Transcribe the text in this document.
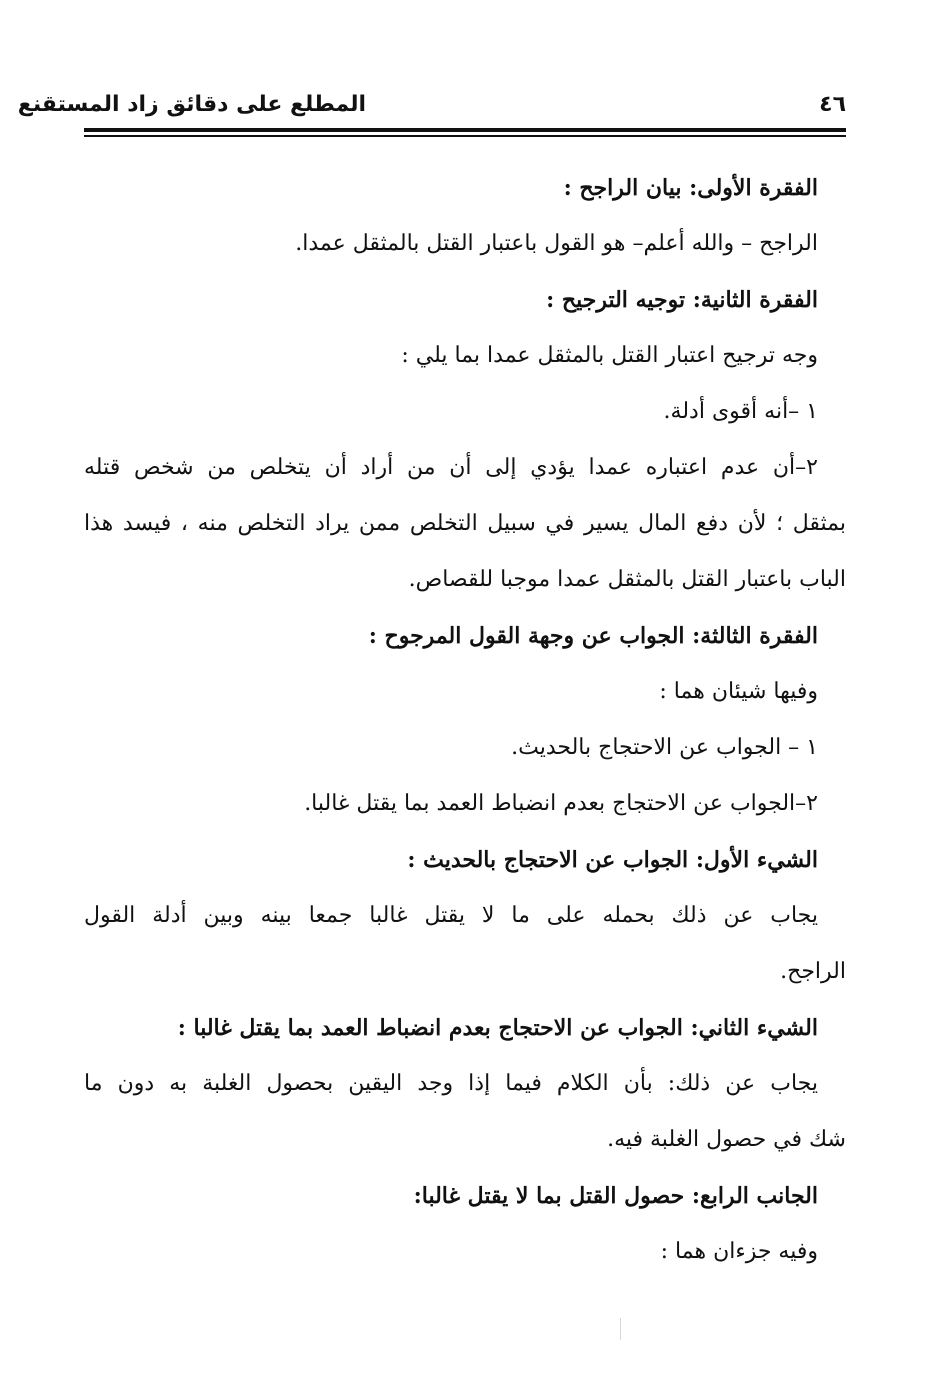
٤٦
المطلع على دقائق زاد المستقنع
الفقرة الأولى: بيان الراجح :
الراجح – والله أعلم– هو القول باعتبار القتل بالمثقل عمدا.
الفقرة الثانية: توجيه الترجيح :
وجه ترجيح اعتبار القتل بالمثقل عمدا بما يلي :
١ –أنه أقوى أدلة.
٢–أن عدم اعتباره عمدا يؤدي إلى أن من أراد أن يتخلص من شخص قتله
بمثقل ؛ لأن دفع المال يسير في سبيل التخلص ممن يراد التخلص منه ، فيسد هذا
الباب باعتبار القتل بالمثقل عمدا موجبا للقصاص.
الفقرة الثالثة: الجواب عن وجهة القول المرجوح :
وفيها شيئان هما :
١ – الجواب عن الاحتجاج بالحديث.
٢–الجواب عن الاحتجاج بعدم انضباط العمد بما يقتل غالبا.
الشيء الأول: الجواب عن الاحتجاج بالحديث :
يجاب عن ذلك بحمله على ما لا يقتل غالبا جمعا بينه وبين أدلة القول
الراجح.
الشيء الثاني: الجواب عن الاحتجاج بعدم انضباط العمد بما يقتل غالبا :
يجاب عن ذلك: بأن الكلام فيما إذا وجد اليقين بحصول الغلبة به دون ما
شك في حصول الغلبة فيه.
الجانب الرابع: حصول القتل بما لا يقتل غالبا:
وفيه جزءان هما :
